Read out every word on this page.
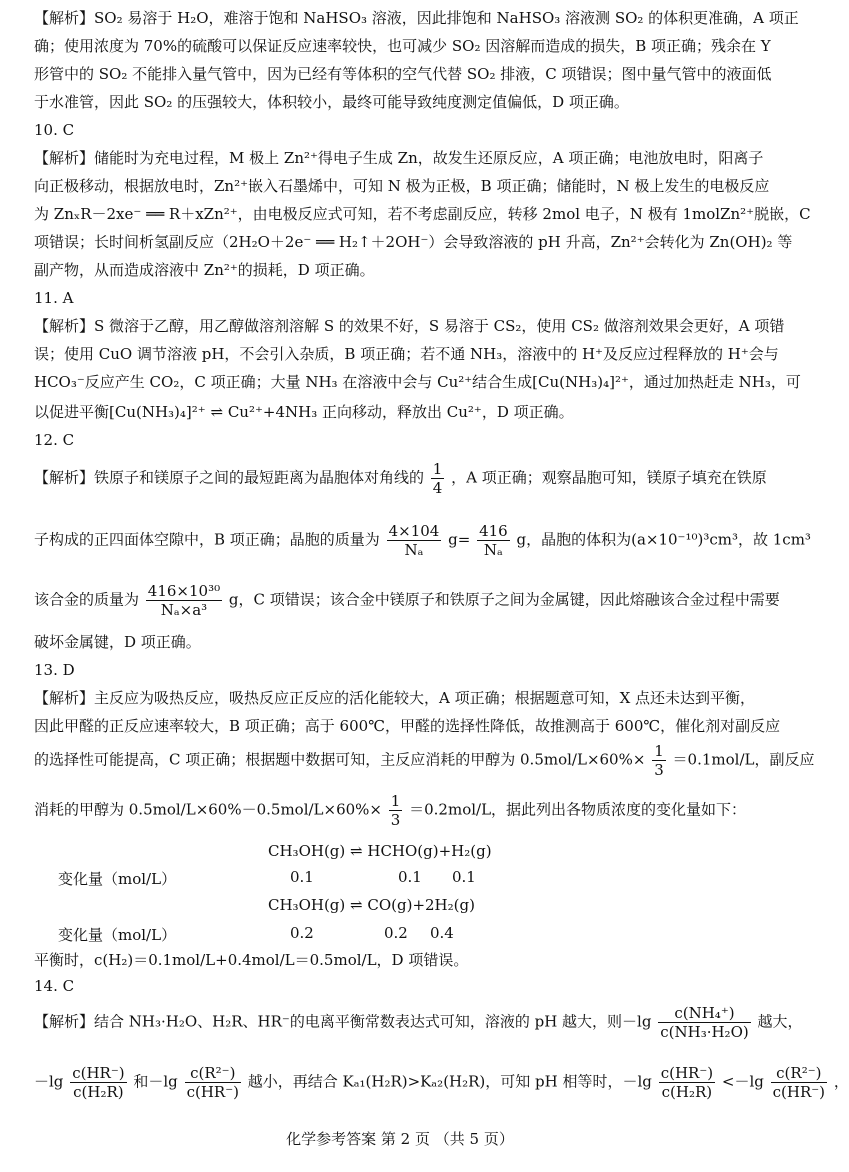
【解析】SO₂ 易溶于 H₂O，难溶于饱和 NaHSO₃ 溶液，因此排饱和 NaHSO₃ 溶液测 SO₂ 的体积更准确，A 项正
确；使用浓度为 70%的硫酸可以保证反应速率较快，也可减少 SO₂ 因溶解而造成的损失，B 项正确；残余在 Y
形管中的 SO₂ 不能排入量气管中，因为已经有等体积的空气代替 SO₂ 排液，C 项错误；图中量气管中的液面低
于水准管，因此 SO₂ 的压强较大，体积较小，最终可能导致纯度测定值偏低，D 项正确。
10. C
【解析】储能时为充电过程，M 极上 Zn²⁺得电子生成 Zn，故发生还原反应，A 项正确；电池放电时，阳离子
向正极移动，根据放电时，Zn²⁺嵌入石墨烯中，可知 N 极为正极，B 项正确；储能时，N 极上发生的电极反应
为 ZnₓR－2xe⁻ ══ R＋xZn²⁺，由电极反应式可知，若不考虑副反应，转移 2mol 电子，N 极有 1molZn²⁺脱嵌，C
项错误；长时间析氢副反应（2H₂O＋2e⁻ ══ H₂↑＋2OH⁻）会导致溶液的 pH 升高，Zn²⁺会转化为 Zn(OH)₂ 等
副产物，从而造成溶液中 Zn²⁺的损耗，D 项正确。
11. A
【解析】S 微溶于乙醇，用乙醇做溶剂溶解 S 的效果不好，S 易溶于 CS₂，使用 CS₂ 做溶剂效果会更好，A 项错
误；使用 CuO 调节溶液 pH，不会引入杂质，B 项正确；若不通 NH₃，溶液中的 H⁺及反应过程释放的 H⁺会与
HCO₃⁻反应产生 CO₂，C 项正确；大量 NH₃ 在溶液中会与 Cu²⁺结合生成[Cu(NH₃)₄]²⁺，通过加热赶走 NH₃，可
以促进平衡[Cu(NH₃)₄]²⁺ ⇌ Cu²⁺+4NH₃ 正向移动，释放出 Cu²⁺，D 项正确。
12. C
【解析】铁原子和镁原子之间的最短距离为晶胞体对角线的 $\frac{1}{4}$ ，A 项正确；观察晶胞可知，镁原子填充在铁原
子构成的正四面体空隙中，B 项正确；晶胞的质量为 $\frac{4\times 104}{\text{Nₐ}} g= \frac{416}{\text{Nₐ}}$ g，晶胞的体积为(a×10⁻¹⁰)³cm³，故 1cm³
该合金的质量为 $\frac{\text{416×10³⁰}}{\text{Nₐ×a³}}$ g，C 项错误；该合金中镁原子和铁原子之间为金属键，因此熔融该合金过程中需要
破坏金属键，D 项正确。
13. D
【解析】主反应为吸热反应，吸热反应正反应的活化能较大，A 项正确；根据题意可知，X 点还未达到平衡，
因此甲醛的正反应速率较大，B 项正确；高于 600℃，甲醛的选择性降低，故推测高于 600℃，催化剂对副反应
的选择性可能提高，C 项正确；根据题中数据可知，主反应消耗的甲醇为 $0.5mol/L\times 60\%\times \frac{1}{3} =0.1mol/L$，副反应
消耗的甲醇为 $0.5mol/L\times 60\%-0.5mol/L\times 60\%\times \frac{1}{3} =0.2mol/L$，据此列出各物质浓度的变化量如下：
CH₃OH(g) ⇌ HCHO(g)+H₂(g)
变化量（mol/L）	0.1	0.1 0.1
CH₃OH(g) ⇌ CO(g)+2H₂(g)
变化量（mol/L）	0.2	0.2 0.4
平衡时，c(H₂)＝0.1mol/L+0.4mol/L＝0.5mol/L，D 项错误。
14. C
【解析】结合 NH₃·H₂O、H₂R、HR⁻的电离平衡常数表达式可知，溶液的 pH 越大，则$-\lg \frac{\text{c(NH₄⁺)}}{\text{c(NH₃·H₂O)}}$ 越大，
$-\lg \frac{c(HR^-)}{\text{c(H₂R)}}$ 和$-\lg \frac{\text{c(R²⁻)}}{c(HR^-)}$ 越小，再结合 Kₐ₁(H₂R)>Kₐ₂(H₂R)，可知 pH 相等时，$-\lg \frac{c(HR^-)}{\text{c(H₂R)}} <-\lg \frac{\text{c(R²⁻)}}{c(HR^-)}$ ，
化学参考答案 第 2 页 （共 5 页）
